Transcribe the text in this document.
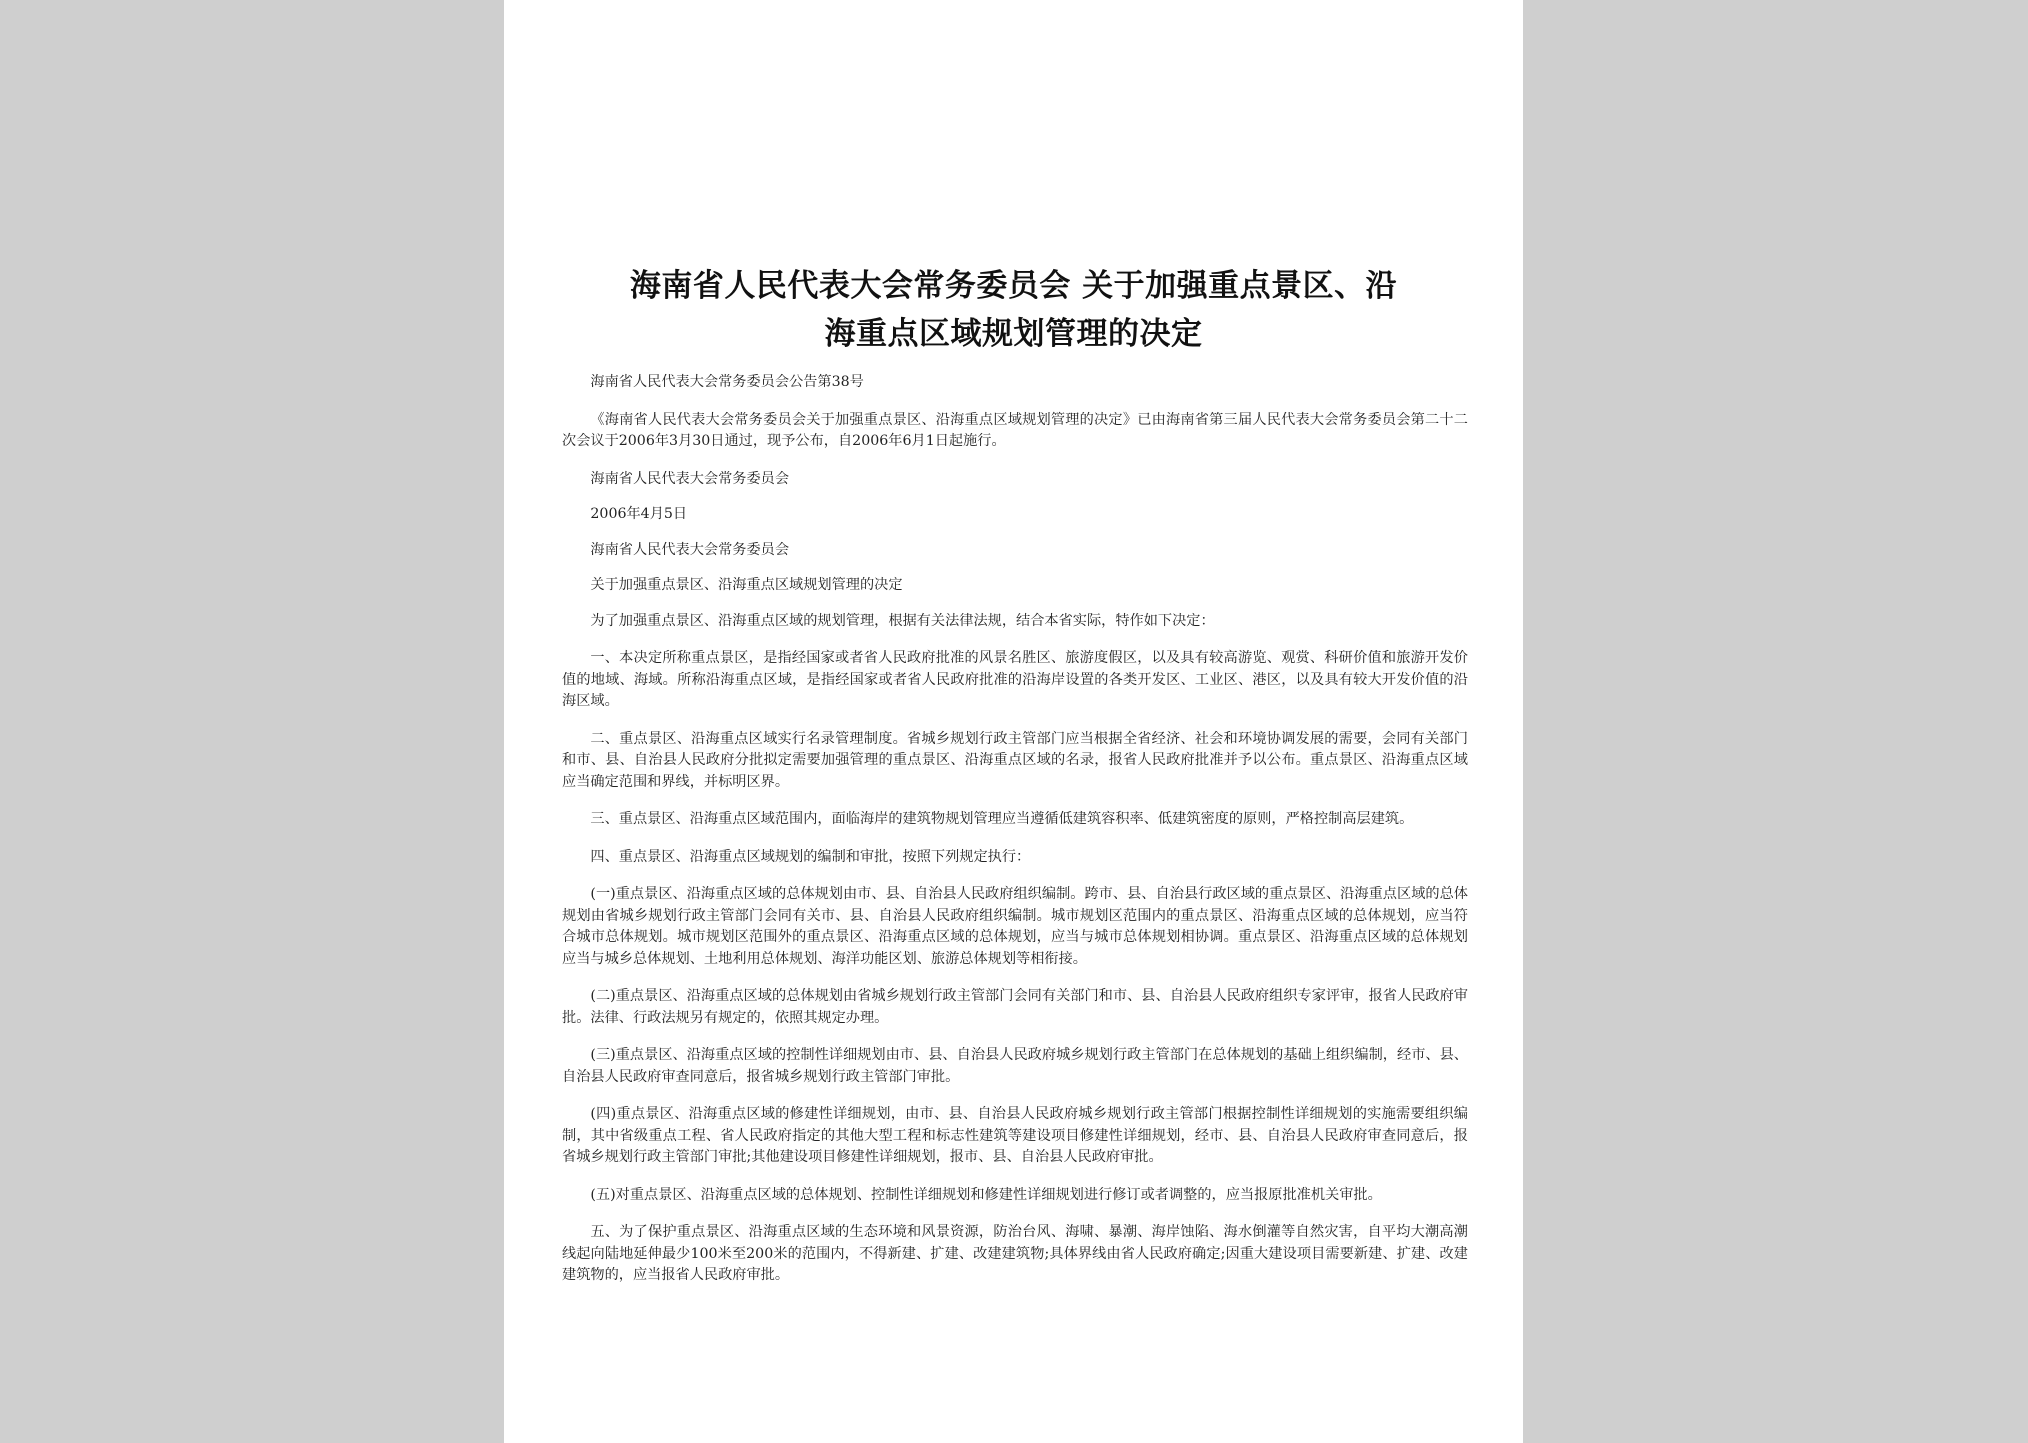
海南省人民代表大会常务委员会 关于加强重点景区、沿
海重点区域规划管理的决定

海南省人民代表大会常务委员会公告第38号

《海南省人民代表大会常务委员会关于加强重点景区、沿海重点区域规划管理的决定》已由海南省第三届人民代表大会常务委员会第二十二次会议于2006年3月30日通过，现予公布，自2006年6月1日起施行。

海南省人民代表大会常务委员会

2006年4月5日

海南省人民代表大会常务委员会

关于加强重点景区、沿海重点区域规划管理的决定

为了加强重点景区、沿海重点区域的规划管理，根据有关法律法规，结合本省实际，特作如下决定：

一、本决定所称重点景区，是指经国家或者省人民政府批准的风景名胜区、旅游度假区，以及具有较高游览、观赏、科研价值和旅游开发价值的地域、海域。所称沿海重点区域，是指经国家或者省人民政府批准的沿海岸设置的各类开发区、工业区、港区，以及具有较大开发价值的沿海区域。

二、重点景区、沿海重点区域实行名录管理制度。省城乡规划行政主管部门应当根据全省经济、社会和环境协调发展的需要，会同有关部门和市、县、自治县人民政府分批拟定需要加强管理的重点景区、沿海重点区域的名录，报省人民政府批准并予以公布。重点景区、沿海重点区域应当确定范围和界线，并标明区界。

三、重点景区、沿海重点区域范围内，面临海岸的建筑物规划管理应当遵循低建筑容积率、低建筑密度的原则，严格控制高层建筑。

四、重点景区、沿海重点区域规划的编制和审批，按照下列规定执行：

(一)重点景区、沿海重点区域的总体规划由市、县、自治县人民政府组织编制。跨市、县、自治县行政区域的重点景区、沿海重点区域的总体规划由省城乡规划行政主管部门会同有关市、县、自治县人民政府组织编制。城市规划区范围内的重点景区、沿海重点区域的总体规划，应当符合城市总体规划。城市规划区范围外的重点景区、沿海重点区域的总体规划，应当与城市总体规划相协调。重点景区、沿海重点区域的总体规划应当与城乡总体规划、土地利用总体规划、海洋功能区划、旅游总体规划等相衔接。

(二)重点景区、沿海重点区域的总体规划由省城乡规划行政主管部门会同有关部门和市、县、自治县人民政府组织专家评审，报省人民政府审批。法律、行政法规另有规定的，依照其规定办理。

(三)重点景区、沿海重点区域的控制性详细规划由市、县、自治县人民政府城乡规划行政主管部门在总体规划的基础上组织编制，经市、县、自治县人民政府审查同意后，报省城乡规划行政主管部门审批。

(四)重点景区、沿海重点区域的修建性详细规划，由市、县、自治县人民政府城乡规划行政主管部门根据控制性详细规划的实施需要组织编制，其中省级重点工程、省人民政府指定的其他大型工程和标志性建筑等建设项目修建性详细规划，经市、县、自治县人民政府审查同意后，报省城乡规划行政主管部门审批;其他建设项目修建性详细规划，报市、县、自治县人民政府审批。

(五)对重点景区、沿海重点区域的总体规划、控制性详细规划和修建性详细规划进行修订或者调整的，应当报原批准机关审批。

五、为了保护重点景区、沿海重点区域的生态环境和风景资源，防治台风、海啸、暴潮、海岸蚀陷、海水倒灌等自然灾害，自平均大潮高潮线起向陆地延伸最少100米至200米的范围内，不得新建、扩建、改建建筑物;具体界线由省人民政府确定;因重大建设项目需要新建、扩建、改建建筑物的，应当报省人民政府审批。
